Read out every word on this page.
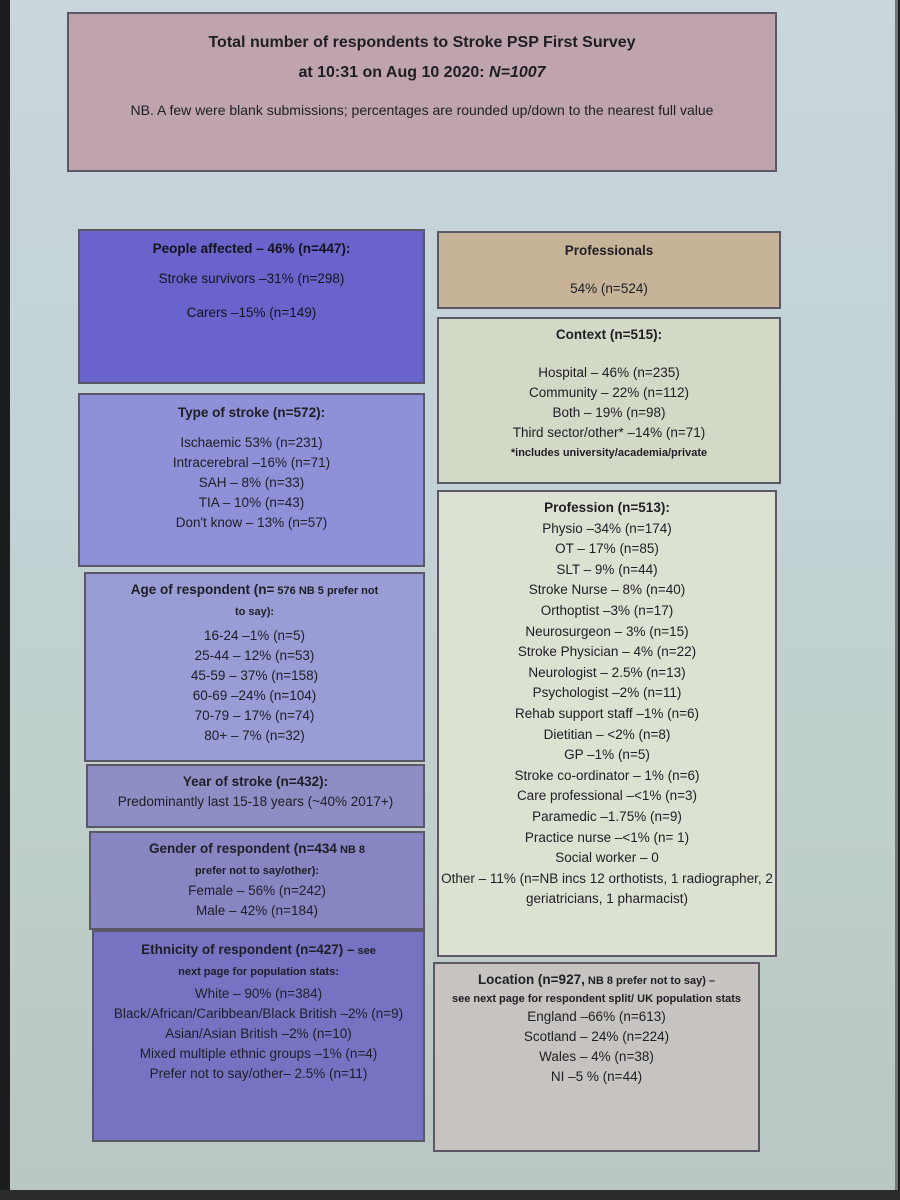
Total number of respondents to Stroke PSP First Survey

at 10:31 on Aug 10 2020: N=1007

NB. A few were blank submissions; percentages are rounded up/down to the nearest full value

People affected – 46% (n=447):

Stroke survivors –31% (n=298)

Carers –15% (n=149)

Type of stroke (n=572):

Ischaemic 53% (n=231)

Intracerebral –16% (n=71)

SAH – 8% (n=33)

TIA – 10% (n=43)

Don't know – 13% (n=57)

Age of respondent (n= 576 NB 5 prefer not
to say):

16-24 –1% (n=5)

25-44 – 12% (n=53)

45-59 – 37% (n=158)

60-69 –24% (n=104)

70-79 – 17% (n=74)

80+ – 7% (n=32)

Year of stroke (n=432):

Predominantly last 15-18 years (~40% 2017+)

Gender of respondent (n=434 NB 8
prefer not to say/other):

Female – 56% (n=242)

Male – 42% (n=184)

Ethnicity of respondent (n=427) – see
next page for population stats:

White – 90% (n=384)

Black/African/Caribbean/Black British –2% (n=9)

Asian/Asian British –2% (n=10)

Mixed multiple ethnic groups –1% (n=4)

Prefer not to say/other– 2.5% (n=11)

Professionals

54% (n=524)

Context (n=515):

Hospital – 46% (n=235)

Community – 22% (n=112)

Both – 19% (n=98)

Third sector/other* –14% (n=71)

*includes university/academia/private

Profession (n=513):

Physio –34% (n=174)

OT – 17% (n=85)

SLT – 9% (n=44)

Stroke Nurse – 8% (n=40)

Orthoptist –3% (n=17)

Neurosurgeon – 3% (n=15)

Stroke Physician – 4% (n=22)

Neurologist – 2.5% (n=13)

Psychologist –2% (n=11)

Rehab support staff –1% (n=6)

Dietitian – <2% (n=8)

GP –1% (n=5)

Stroke co-ordinator – 1% (n=6)

Care professional –<1% (n=3)

Paramedic –1.75% (n=9)

Practice nurse –<1% (n= 1)

Social worker – 0

Other – 11% (n=NB incs 12 orthotists, 1 radiographer, 2 geriatricians, 1 pharmacist)

Location (n=927, NB 8 prefer not to say) –

see next page for respondent split/ UK population stats

England –66% (n=613)

Scotland – 24% (n=224)

Wales – 4% (n=38)

NI –5 % (n=44)
